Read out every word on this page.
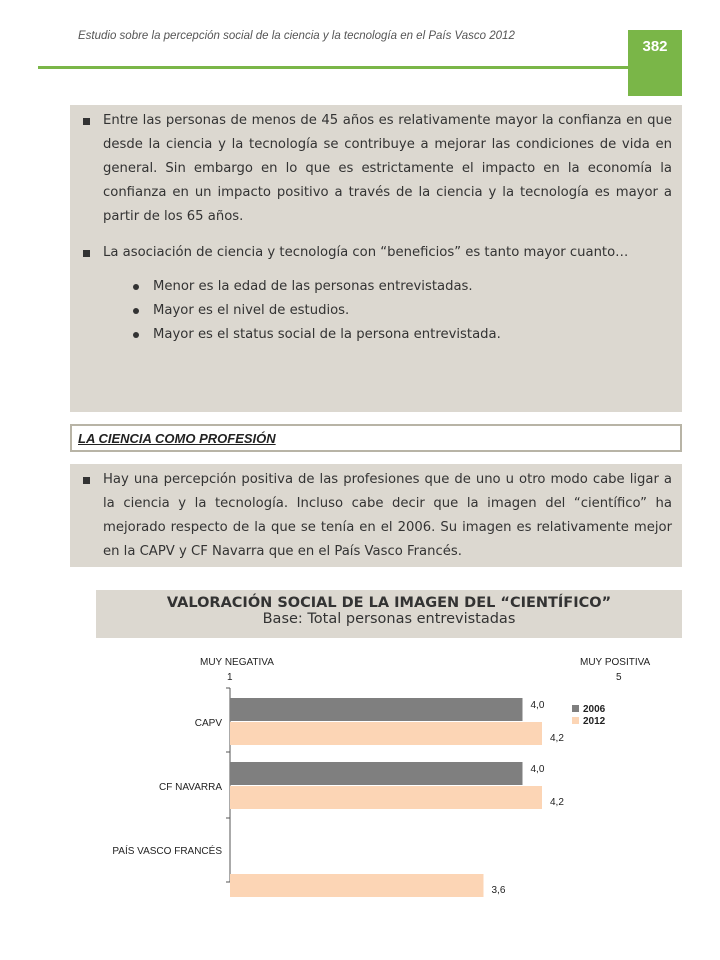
Estudio sobre la percepción social de la ciencia y la tecnología en el País Vasco 2012
382
Entre las personas de menos de 45 años es relativamente mayor la confianza en que desde la ciencia y la tecnología se contribuye a mejorar las condiciones de vida en general. Sin embargo en lo que es estrictamente el impacto en la economía la confianza en un impacto positivo a través de la ciencia y la tecnología es mayor a partir de los 65 años.
La asociación de ciencia y tecnología con “beneficios” es tanto mayor cuanto…
Menor es la edad de las personas entrevistadas.
Mayor es el nivel de estudios.
Mayor es el status social de la persona entrevistada.
LA CIENCIA COMO PROFESIÓN
Hay una percepción positiva de las profesiones que de uno u otro modo cabe ligar a la ciencia y la tecnología. Incluso cabe decir que la imagen del “científico” ha mejorado respecto de la que se tenía en el 2006. Su imagen es relativamente mejor en la CAPV y CF Navarra que en el País Vasco Francés.
VALORACIÓN SOCIAL DE LA IMAGEN DEL “CIENTÍFICO”
Base: Total personas entrevistadas
MUY NEGATIVA	MUY POSITIVA
1	5
CAPV
4,0
4,2
CF NAVARRA
4,0
4,2
PAÍS VASCO FRANCÉS
3,6
2006
2012
